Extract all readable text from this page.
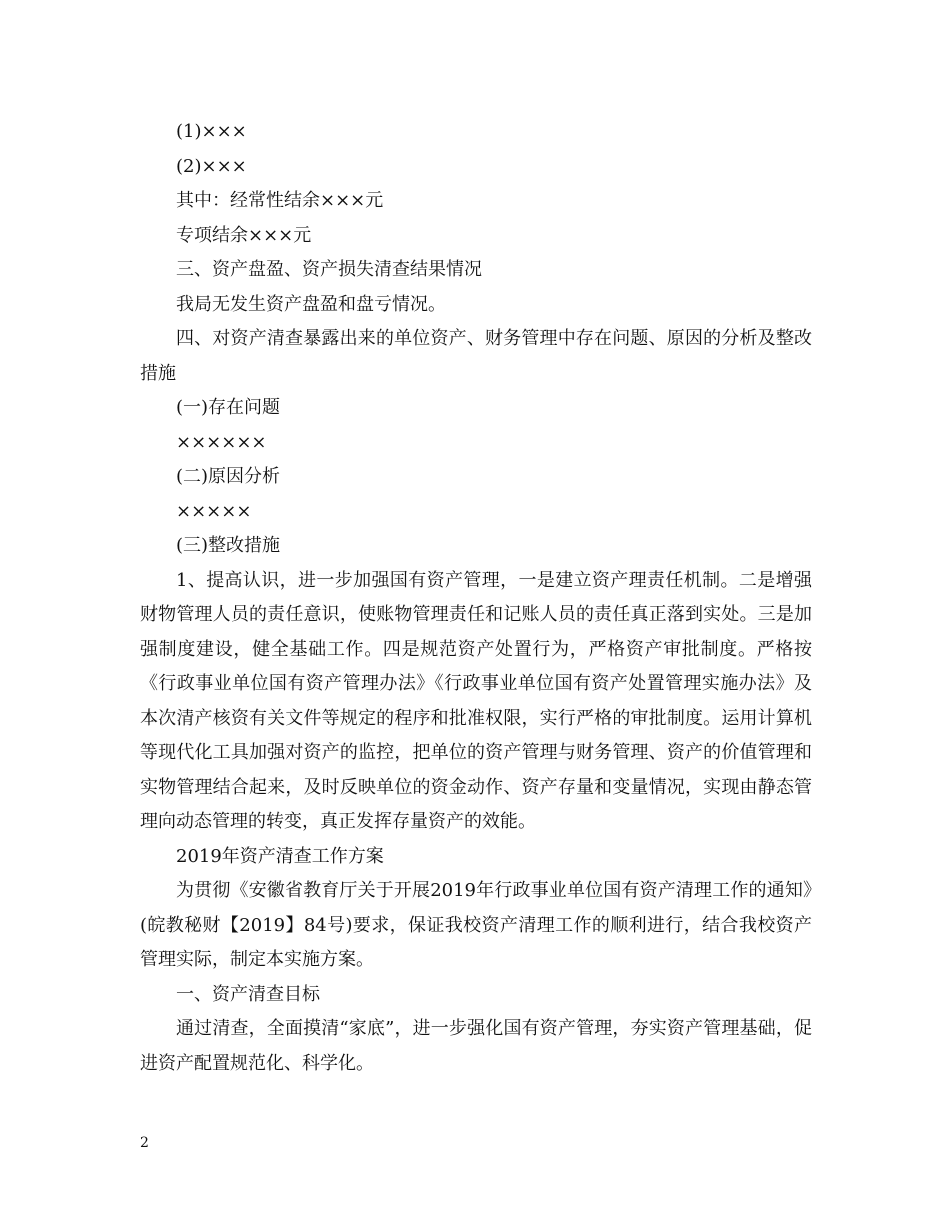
(1)×××

(2)×××

其中：经常性结余×××元

专项结余×××元

三、资产盘盈、资产损失清查结果情况

我局无发生资产盘盈和盘亏情况。

四、对资产清查暴露出来的单位资产、财务管理中存在问题、原因的分析及整改措施

(一)存在问题

××××××

(二)原因分析

×××××

(三)整改措施

1、提高认识，进一步加强国有资产管理，一是建立资产理责任机制。二是增强财物管理人员的责任意识，使账物管理责任和记账人员的责任真正落到实处。三是加强制度建设，健全基础工作。四是规范资产处置行为，严格资产审批制度。严格按《行政事业单位国有资产管理办法》《行政事业单位国有资产处置管理实施办法》及本次清产核资有关文件等规定的程序和批准权限，实行严格的审批制度。运用计算机等现代化工具加强对资产的监控，把单位的资产管理与财务管理、资产的价值管理和实物管理结合起来，及时反映单位的资金动作、资产存量和变量情况，实现由静态管理向动态管理的转变，真正发挥存量资产的效能。

2019年资产清查工作方案

为贯彻《安徽省教育厅关于开展2019年行政事业单位国有资产清理工作的通知》(皖教秘财【2019】84号)要求，保证我校资产清理工作的顺利进行，结合我校资产管理实际，制定本实施方案。

一、资产清查目标

通过清查，全面摸清“家底”，进一步强化国有资产管理，夯实资产管理基础，促进资产配置规范化、科学化。

2
